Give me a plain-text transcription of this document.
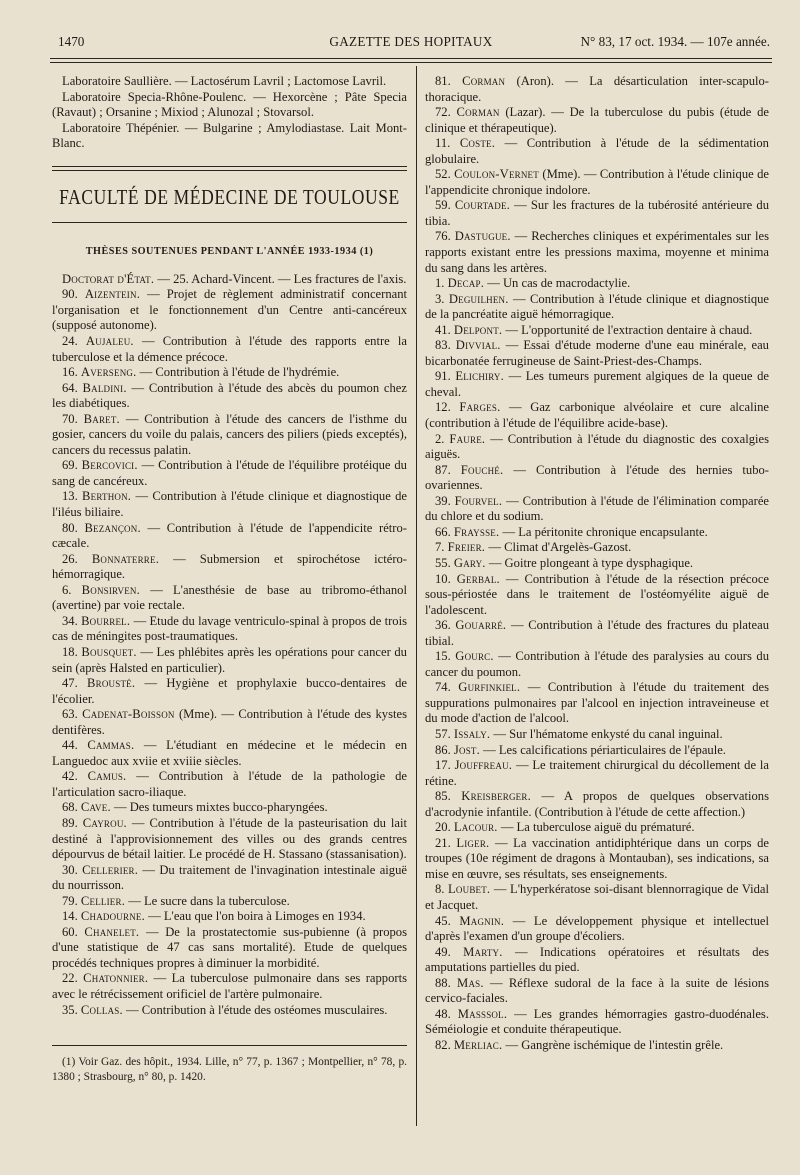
1470	GAZETTE DES HOPITAUX	N° 83, 17 oct. 1934. — 107e année.

Laboratoire Saullière. — Lactosérum Lavril ; Lactomose Lavril.

Laboratoire Specia-Rhône-Poulenc. — Hexorcène ; Pâte Specia (Ravaut) ; Orsanine ; Mixiod ; Alunozal ; Stovarsol.

Laboratoire Thépénier. — Bulgarine ; Amylodiastase. Lait Mont-Blanc.

FACULTÉ DE MÉDECINE DE TOULOUSE
THÈSES SOUTENUES PENDANT L'ANNÉE 1933-1934 (1)

Doctorat d'État. — 25. Achard-Vincent. — Les fractures de l'axis.

90. Aizentein. — Projet de règlement administratif concernant l'organisation et le fonctionnement d'un Centre anti-cancéreux (supposé autonome).

24. Aujaleu. — Contribution à l'étude des rapports entre la tuberculose et la démence précoce.

16. Averseng. — Contribution à l'étude de l'hydrémie.

64. Baldini. — Contribution à l'étude des abcès du poumon chez les diabétiques.

70. Baret. — Contribution à l'étude des cancers de l'isthme du gosier, cancers du voile du palais, cancers des piliers (pieds exceptés), cancers du recessus palatin.

69. Bercovici. — Contribution à l'étude de l'équilibre protéique du sang de cancéreux.

13. Berthon. — Contribution à l'étude clinique et diagnostique de l'iléus biliaire.

80. Bezançon. — Contribution à l'étude de l'appendicite rétro-cæcale.

26. Bonnaterre. — Submersion et spirochétose ictéro-hémorragique.

6. Bonsirven. — L'anesthésie de base au tribromo-éthanol (avertine) par voie rectale.

34. Bourrel. — Etude du lavage ventriculo-spinal à propos de trois cas de méningites post-traumatiques.

18. Bousquet. — Les phlébites après les opérations pour cancer du sein (après Halsted en particulier).

47. Brousté. — Hygiène et prophylaxie bucco-dentaires de l'écolier.

63. Cadenat-Boisson (Mme). — Contribution à l'étude des kystes dentifères.

44. Cammas. — L'étudiant en médecine et le médecin en Languedoc aux xviie et xviiie siècles.

42. Camus. — Contribution à l'étude de la pathologie de l'articulation sacro-iliaque.

68. Cave. — Des tumeurs mixtes bucco-pharyngées.

89. Cayrou. — Contribution à l'étude de la pasteurisation du lait destiné à l'approvisionnement des villes ou des grands centres dépourvus de bétail laitier. Le procédé de H. Stassano (stassanisation).

30. Cellerier. — Du traitement de l'invagination intestinale aiguë du nourrisson.

79. Cellier. — Le sucre dans la tuberculose.

14. Chadourne. — L'eau que l'on boira à Limoges en 1934.

60. Chanelet. — De la prostatectomie sus-pubienne (à propos d'une statistique de 47 cas sans mortalité). Etude de quelques procédés techniques propres à diminuer la morbidité.

22. Chatonnier. — La tuberculose pulmonaire dans ses rapports avec le rétrécissement orificiel de l'artère pulmonaire.

35. Collas. — Contribution à l'étude des ostéomes musculaires.

(1) Voir Gaz. des hôpit., 1934. Lille, n° 77, p. 1367 ; Montpellier, n° 78, p. 1380 ; Strasbourg, n° 80, p. 1420.

81. Corman (Aron). — La désarticulation inter-scapulo-thoracique.

72. Corman (Lazar). — De la tuberculose du pubis (étude de clinique et thérapeutique).

11. Coste. — Contribution à l'étude de la sédimentation globulaire.

52. Coulon-Vernet (Mme). — Contribution à l'étude clinique de l'appendicite chronique indolore.

59. Courtade. — Sur les fractures de la tubérosité antérieure du tibia.

76. Dastugue. — Recherches cliniques et expérimentales sur les rapports existant entre les pressions maxima, moyenne et minima du sang dans les artères.

1. Decap. — Un cas de macrodactylie.

3. Deguilhen. — Contribution à l'étude clinique et diagnostique de la pancréatite aiguë hémorragique.

41. Delpont. — L'opportunité de l'extraction dentaire à chaud.

83. Divvial. — Essai d'étude moderne d'une eau minérale, eau bicarbonatée ferrugineuse de Saint-Priest-des-Champs.

91. Elichiry. — Les tumeurs purement algiques de la queue de cheval.

12. Farges. — Gaz carbonique alvéolaire et cure alcaline (contribution à l'étude de l'équilibre acide-base).

2. Faure. — Contribution à l'étude du diagnostic des coxalgies aiguës.

87. Fouché. — Contribution à l'étude des hernies tubo-ovariennes.

39. Fourvel. — Contribution à l'étude de l'élimination comparée du chlore et du sodium.

66. Fraysse. — La péritonite chronique encapsulante.

7. Freier. — Climat d'Argelès-Gazost.

55. Gary. — Goitre plongeant à type dysphagique.

10. Gerbal. — Contribution à l'étude de la résection précoce sous-périostée dans le traitement de l'ostéomyélite aiguë de l'adolescent.

36. Gouarré. — Contribution à l'étude des fractures du plateau tibial.

15. Gourc. — Contribution à l'étude des paralysies au cours du cancer du poumon.

74. Gurfinkiel. — Contribution à l'étude du traitement des suppurations pulmonaires par l'alcool en injection intraveineuse et du mode d'action de l'alcool.

57. Issaly. — Sur l'hématome enkysté du canal inguinal.

86. Jost. — Les calcifications périarticulaires de l'épaule.

17. Jouffreau. — Le traitement chirurgical du décollement de la rétine.

85. Kreisberger. — A propos de quelques observations d'acrodynie infantile. (Contribution à l'étude de cette affection.)

20. Lacour. — La tuberculose aiguë du prématuré.

21. Liger. — La vaccination antidiphtérique dans un corps de troupes (10e régiment de dragons à Montauban), ses indications, sa mise en œuvre, ses résultats, ses enseignements.

8. Loubet. — L'hyperkératose soi-disant blennorragique de Vidal et Jacquet.

45. Magnin. — Le développement physique et intellectuel d'après l'examen d'un groupe d'écoliers.

49. Marty. — Indications opératoires et résultats des amputations partielles du pied.

88. Mas. — Réflexe sudoral de la face à la suite de lésions cervico-faciales.

48. Masssol. — Les grandes hémorragies gastro-duodénales. Séméiologie et conduite thérapeutique.

82. Merliac. — Gangrène ischémique de l'intestin grêle.
